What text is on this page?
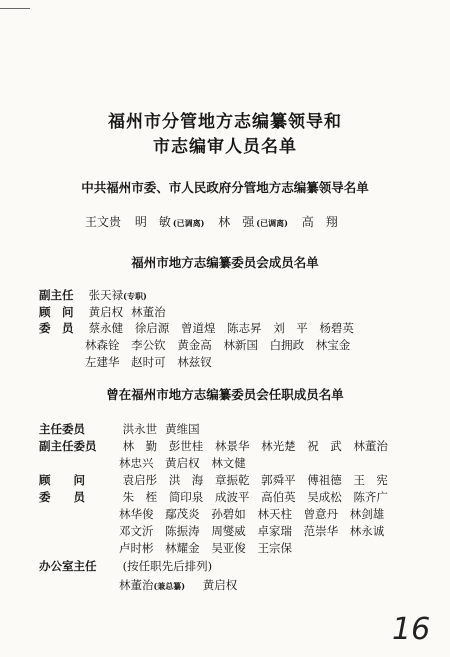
福州市分管地方志编纂领导和
市志编审人员名单
中共福州市委、市人民政府分管地方志编纂领导名单
王文贵 明　敏 (已调离) 林　强 (已调离) 高　翔
福州市地方志编纂委员会成员名单
副主任 张天禄(专职)
顾　问 黄启权 林董治
委　员 蔡永健 徐启源 曾道煌 陈志昇 刘　平 杨碧英
林森铨 李公钦 黄金高 林新国 白拥政 林宝金
左建华 赵时可 林兹钗
曾在福州市地方志编纂委员会任职成员名单
主任委员	洪永世 黄维国
副主任委员 林　勤 彭世桂 林景华 林光楚 祝　武 林董治
林忠兴 黄启权 林文健
顾　　问	袁启彤 洪　海 章振乾 郭舜平 傅祖德 王　宪
委　　员	朱　桎 简印泉 成波平 高伯英 吴成松 陈齐广
林华俊 鄢茂炎 孙碧如 林天柱 曾意丹 林剑雄
邓文沂 陈振涛 周燮威 卓家瑞 范崇华 林永诚
卢时彬 林耀金 吴亚俊 王宗保
办公室主任 (按任职先后排列)
林董治(兼总纂) 黄启权
16
